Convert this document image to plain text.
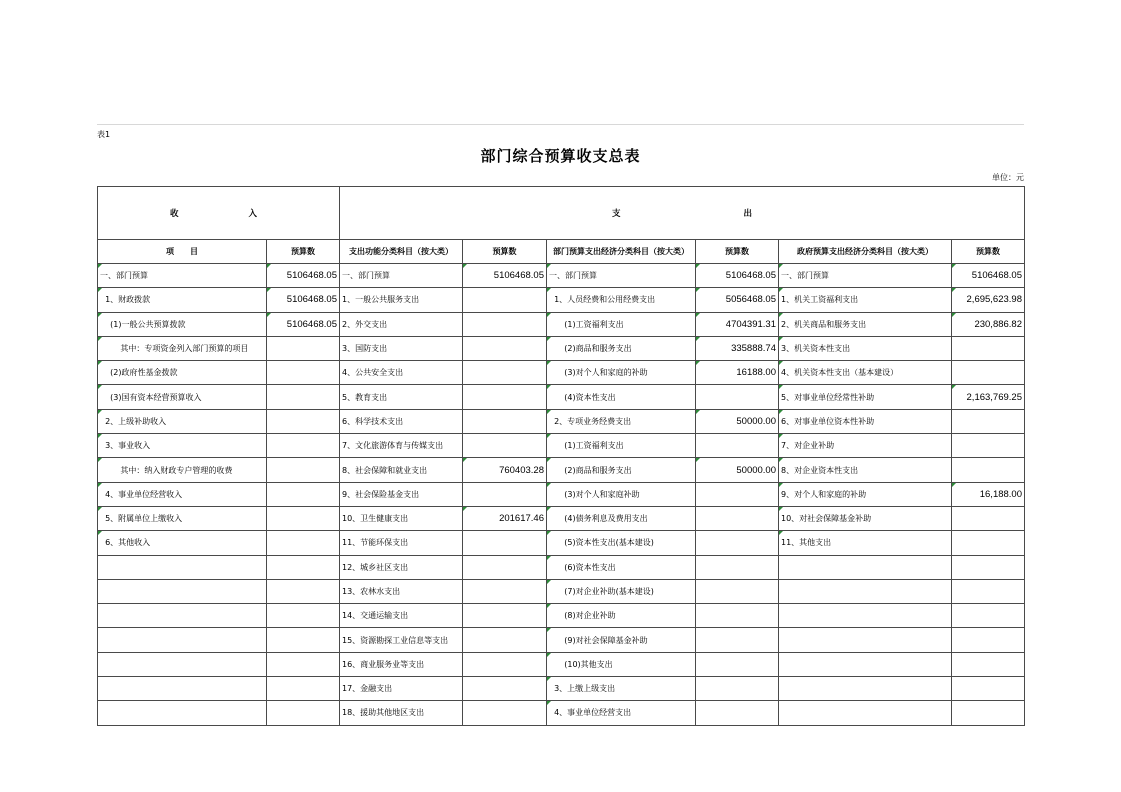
表1
部门综合预算收支总表
单位：元

收 入		支 出					

项　　目	预算数	支出功能分类科目（按大类）	预算数	部门预算支出经济分类科目（按大类）	预算数	政府预算支出经济分类科目（按大类）	预算数
一、部门预算	5106468.05	一、部门预算	5106468.05	一、部门预算	5106468.05	一、部门预算	5106468.05
1、财政拨款	5106468.05	1、一般公共服务支出		1、人员经费和公用经费支出	5056468.05	1、机关工资福利支出	2,695,623.98
(1)一般公共预算拨款	5106468.05	2、外交支出		(1)工资福利支出	4704391.31	2、机关商品和服务支出	230,886.82
其中：专项资金列入部门预算的项目		3、国防支出		(2)商品和服务支出	335888.74	3、机关资本性支出	
(2)政府性基金拨款		4、公共安全支出		(3)对个人和家庭的补助	16188.00	4、机关资本性支出（基本建设）	
(3)国有资本经营预算收入		5、教育支出		(4)资本性支出		5、对事业单位经常性补助	2,163,769.25
2、上级补助收入		6、科学技术支出		2、专项业务经费支出	50000.00	6、对事业单位资本性补助	
3、事业收入		7、文化旅游体育与传媒支出		(1)工资福利支出		7、对企业补助	
其中：纳入财政专户管理的收费		8、社会保障和就业支出	760403.28	(2)商品和服务支出	50000.00	8、对企业资本性支出	
4、事业单位经营收入		9、社会保险基金支出		(3)对个人和家庭补助		9、对个人和家庭的补助	16,188.00
5、附属单位上缴收入		10、卫生健康支出	201617.46	(4)债务利息及费用支出		10、对社会保障基金补助	
6、其他收入		11、节能环保支出		(5)资本性支出(基本建设)		11、其他支出	
		12、城乡社区支出		(6)资本性支出			
		13、农林水支出		(7)对企业补助(基本建设)			
		14、交通运输支出		(8)对企业补助			
		15、资源勘探工业信息等支出		(9)对社会保障基金补助			
		16、商业服务业等支出		(10)其他支出			
		17、金融支出		3、上缴上级支出			
		18、援助其他地区支出		4、事业单位经营支出			
